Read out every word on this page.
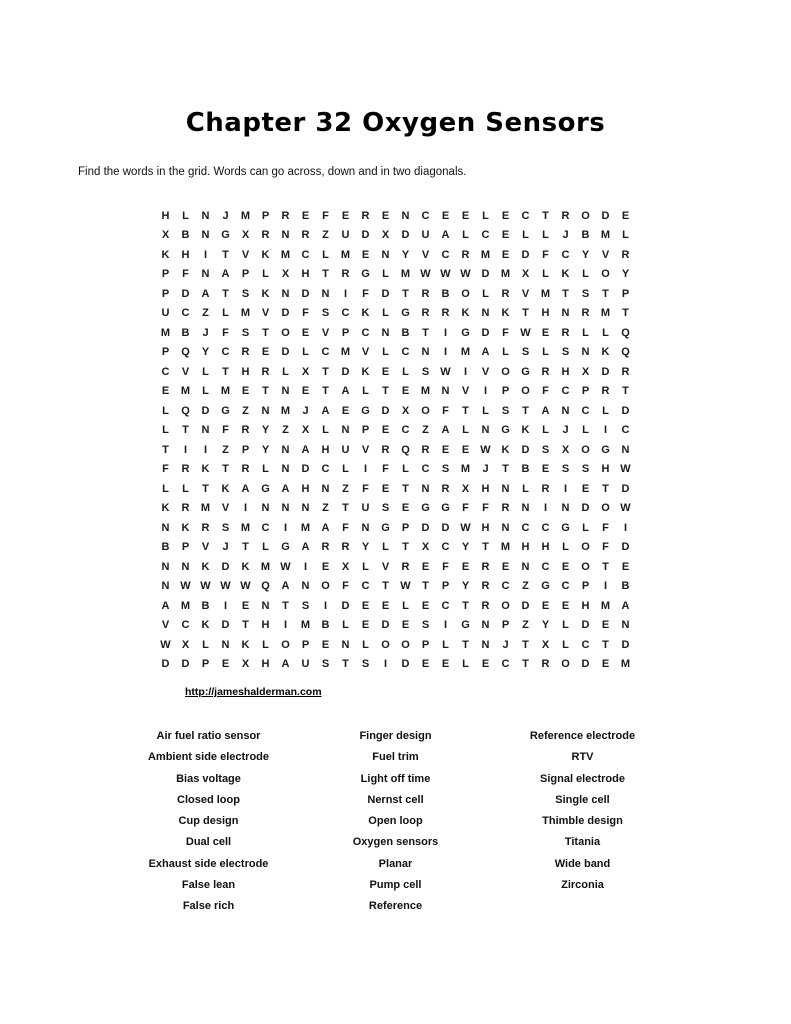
Chapter 32 Oxygen Sensors

Find the words in the grid. Words can go across, down and in two diagonals.

H	L	N	J	M	P	R	E	F	E	R	E	N	C	E	E	L	E	C	T	R	O	D	E
X	B	N	G	X	R	N	R	Z	U	D	X	D	U	A	L	C	E	L	L	J	B	M	L
K	H	I	T	V	K	M	C	L	M	E	N	Y	V	C	R	M	E	D	F	C	Y	V	R
P	F	N	A	P	L	X	H	T	R	G	L	M W W W D	M	X	L	K	L	O	Y
P	D	A	T	S	K	N	D	N	I	F	D	T	R	B	O	L	R	V	M	T	S	T	P
U	C	Z	L	M	V	D	F	S	C	K	L	G	R	R	K	N	K	T	H	N	R	M	T
M	B	J	F	S	T	O	E	V	P	C	N	B	T	I	G	D	F	W	E	R	L	L	Q
P	Q	Y	C	R	E	D	L	C	M	V	L	C	N	I	M	A	L	S	L	S	N	K	Q
C	V	L	T	H	R	L	X	T	D	K	E	L	S	W	I	V	O	G	R	H	X	D	R
E	M	L	M	E	T	N	E	T	A	L	T	E	M	N	V	I	P	O	F	C	P	R	T
L	Q	D	G	Z	N	M	J	A	E	G	D	X	O	F	T	L	S	T	A	N	C	L	D
L	T	N	F	R	Y	Z	X	L	N	P	E	C	Z	A	L	N	G	K	L	J	L	I	C
T	I	I	Z	P	Y	N	A	H	U	V	R	Q	R	E	E	W K	D	S	X	O	G	N
F	R	K	T	R	L	N	D	C	L	I	F	L	C	S	M	J	T	B	E	S	S	H W
L	L	T	K	A	G	A	H	N	Z	F	E	T	N	R	X	H	N	L	R	I	E	T	D
K	R	M	V	I	N	N	N	Z	T	U	S	E	G	G	F	F	R	N	I	N	D	O W
N	K	R	S	M	C	I	M	A	F	N	G	P	D	D W H	N	C	C	G	L	F	I
B	P	V	J	T	L	G	A	R	R	Y	L	T	X	C	Y	T	M	H	H	L	O	F	D
N	N	K	D	K	M W	I	E	X	L	V	R	E	F	E	R	E	N	C	E	O	T	E
N W W W W Q	A	N	O	F	C	T	W	T	P	Y	R	C	Z	G	C	P	I	B
A	M	B	I	E	N	T	S	I	D	E	E	L	E	C	T	R	O	D	E	E	H	M	A
V	C	K	D	T	H	I	M	B	L	E	D	E	S	I	G	N	P	Z	Y	L	D	E	N
W	X	L	N	K	L	O	P	E	N	L	O	O	P	L	T	N	J	T	X	L	C	T	D
D	D	P	E	X	H	A	U	S	T	S	I	D	E	E	L	E	C	T	R	O	D	E	M
http://jameshalderman.com
Air fuel ratio sensor
Ambient side electrode
Bias voltage
Closed loop
Cup design
Dual cell
Exhaust side electrode
False lean
False rich
Finger design
Fuel trim
Light off time
Nernst cell
Open loop
Oxygen sensors
Planar
Pump cell
Reference
Reference electrode
RTV
Signal electrode
Single cell
Thimble design
Titania
Wide band
Zirconia
